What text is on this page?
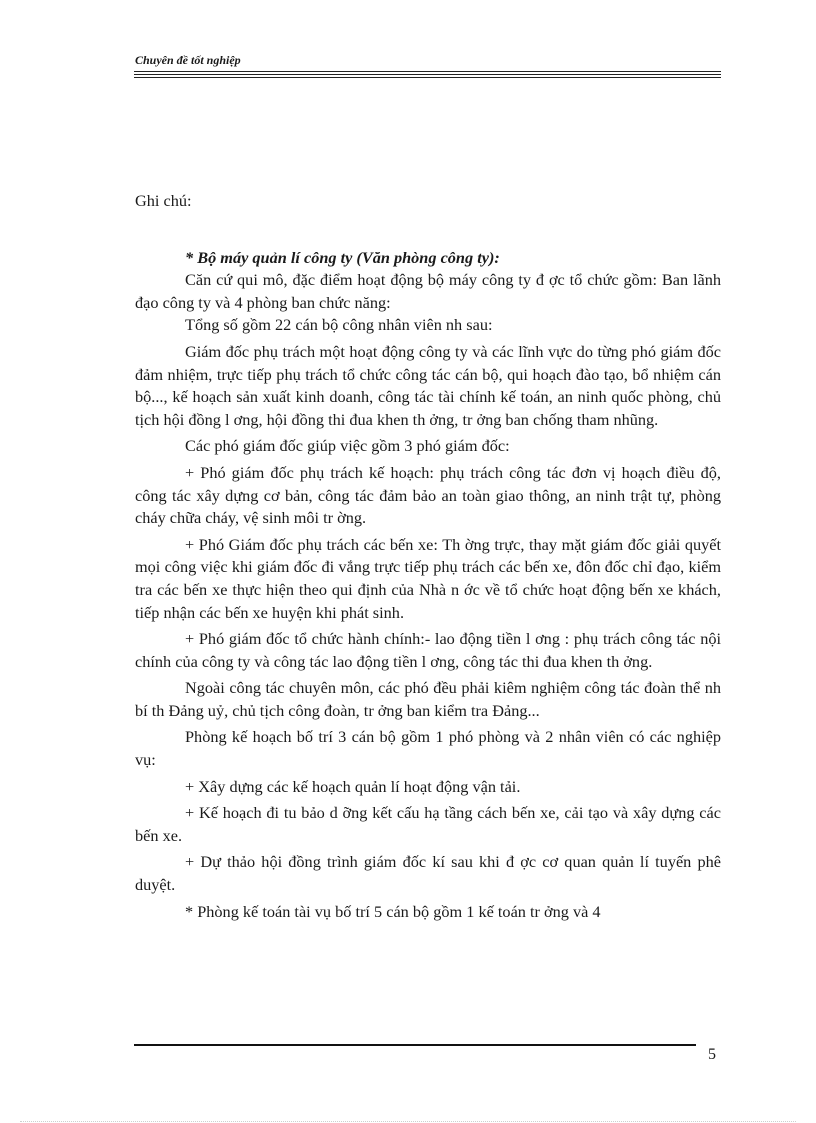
Chuyên đề tốt nghiệp

Ghi chú:

* Bộ máy quản lí công ty (Văn phòng công ty):

Căn cứ qui mô, đặc điểm hoạt động bộ máy công ty đ ợc tổ chức gồm: Ban lãnh đạo công ty và 4 phòng ban chức năng:

Tổng số gồm 22 cán bộ công nhân viên nh sau:

Giám đốc phụ trách một hoạt động công ty và các lĩnh vực do từng phó giám đốc đảm nhiệm, trực tiếp phụ trách tổ chức công tác cán bộ, qui hoạch đào tạo, bổ nhiệm cán bộ..., kế hoạch sản xuất kinh doanh, công tác tài chính kế toán, an ninh quốc phòng, chủ tịch hội đồng l ơng, hội đồng thi đua khen th ởng, tr ởng ban chống tham nhũng.

Các phó giám đốc giúp việc gồm 3 phó giám đốc:

+ Phó giám đốc phụ trách kế hoạch: phụ trách công tác đơn vị hoạch điều độ, công tác xây dựng cơ bản, công tác đảm bảo an toàn giao thông, an ninh trật tự, phòng cháy chữa cháy, vệ sinh môi tr ờng.

+ Phó Giám đốc phụ trách các bến xe: Th ờng trực, thay mặt giám đốc giải quyết mọi công việc khi giám đốc đi vắng trực tiếp phụ trách các bến xe, đôn đốc chỉ đạo, kiểm tra các bến xe thực hiện theo qui định của Nhà n ớc về tổ chức hoạt động bến xe khách, tiếp nhận các bến xe huyện khi phát sinh.

+ Phó giám đốc tổ chức hành chính:- lao động tiền l ơng : phụ trách công tác nội chính của công ty và công tác lao động tiền l ơng, công tác thi đua khen th ởng.

Ngoài công tác chuyên môn, các phó đều phải kiêm nghiệm công tác đoàn thể nh bí th Đảng uỷ, chủ tịch công đoàn, tr ởng ban kiểm tra Đảng...

Phòng kế hoạch bố trí 3 cán bộ gồm 1 phó phòng và 2 nhân viên có các nghiệp vụ:

+ Xây dựng các kế hoạch quản lí hoạt động vận tải.

+ Kế hoạch đi tu bảo d ỡng kết cấu hạ tầng cách bến xe, cải tạo và xây dựng các bến xe.

+ Dự thảo hội đồng trình giám đốc kí sau khi đ ợc cơ quan quản lí tuyến phê duyệt.

* Phòng kế toán tài vụ bố trí 5 cán bộ gồm 1 kế toán tr ởng và 4

5
